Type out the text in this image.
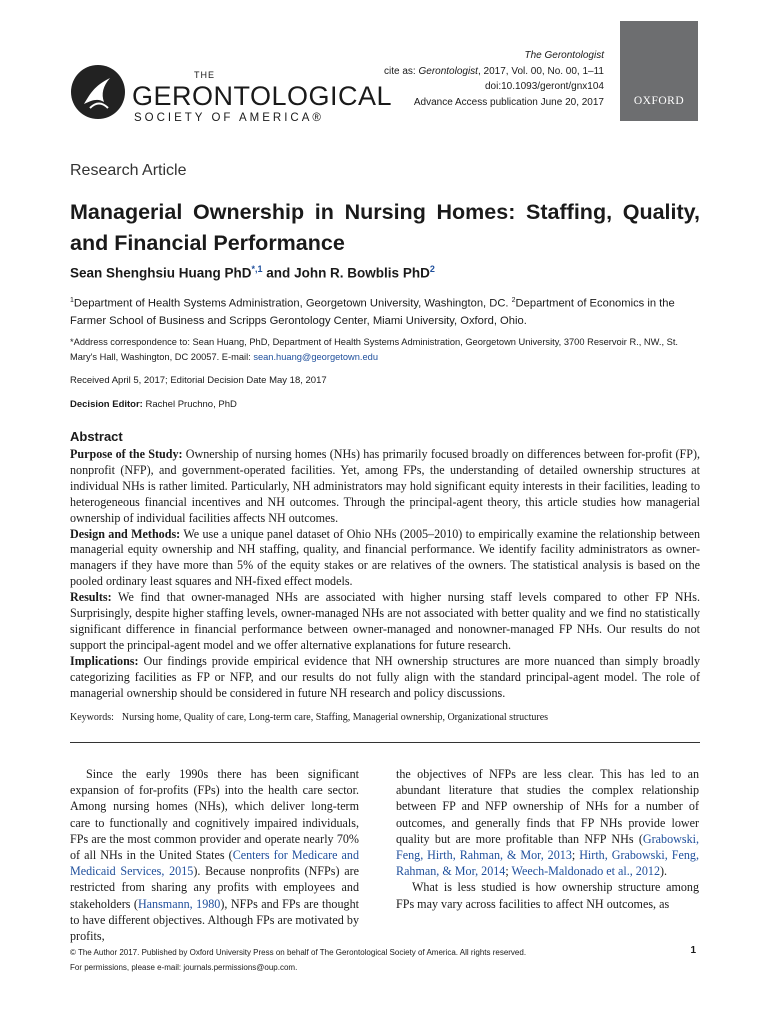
THE
GERONTOLOGICAL
SOCIETY OF AMERICA®
The Gerontologist
cite as: Gerontologist, 2017, Vol. 00, No. 00, 1–11
doi:10.1093/geront/gnx104
Advance Access publication June 20, 2017	OXFORD
Research Article
Managerial Ownership in Nursing Homes: Staffing, Quality, and Financial Performance
Sean Shenghsiu Huang PhD$^{*,1}$ and John R. Bowblis PhD$^2$
$^1$Department of Health Systems Administration, Georgetown University, Washington, DC. $^2$Department of Economics in the Farmer School of Business and Scripps Gerontology Center, Miami University, Oxford, Ohio.
*Address correspondence to: Sean Huang, PhD, Department of Health Systems Administration, Georgetown University, 3700 Reservoir R., NW., St. Mary's Hall, Washington, DC 20057. E-mail: sean.huang@georgetown.edu
Received April 5, 2017; Editorial Decision Date May 18, 2017
Decision Editor: Rachel Pruchno, PhD
Abstract

Purpose of the Study: Ownership of nursing homes (NHs) has primarily focused broadly on differences between for-profit (FP), nonprofit (NFP), and government-operated facilities. Yet, among FPs, the understanding of detailed ownership structures at individual NHs is rather limited. Particularly, NH administrators may hold significant equity interests in their facilities, leading to heterogeneous financial incentives and NH outcomes. Through the principal-agent theory, this article studies how managerial ownership of individual facilities affects NH outcomes.

Design and Methods: We use a unique panel dataset of Ohio NHs (2005–2010) to empirically examine the relationship between managerial equity ownership and NH staffing, quality, and financial performance. We identify facility administrators as owner-managers if they have more than 5% of the equity stakes or are relatives of the owners. The statistical analysis is based on the pooled ordinary least squares and NH-fixed effect models.

Results: We find that owner-managed NHs are associated with higher nursing staff levels compared to other FP NHs. Surprisingly, despite higher staffing levels, owner-managed NHs are not associated with better quality and we find no statistically significant difference in financial performance between owner-managed and nonowner-managed FP NHs. Our results do not support the principal-agent model and we offer alternative explanations for future research.

Implications: Our findings provide empirical evidence that NH ownership structures are more nuanced than simply broadly categorizing facilities as FP or NFP, and our results do not fully align with the standard principal-agent model. The role of managerial ownership should be considered in future NH research and policy discussions.

Keywords: Nursing home, Quality of care, Long-term care, Staffing, Managerial ownership, Organizational structures

Since the early 1990s there has been significant expansion of for-profits (FPs) into the health care sector. Among nursing homes (NHs), which deliver long-term care to functionally and cognitively impaired individuals, FPs are the most common provider and operate nearly 70% of all NHs in the United States (Centers for Medicare and Medicaid Services, 2015). Because nonprofits (NFPs) are restricted from sharing any profits with employees and stakeholders (Hansmann, 1980), NFPs and FPs are thought to have different objectives. Although FPs are motivated by profits,

the objectives of NFPs are less clear. This has led to an abundant literature that studies the complex relationship between FP and NFP ownership of NHs for a number of outcomes, and generally finds that FP NHs provide lower quality but are more profitable than NFP NHs (Grabowski, Feng, Hirth, Rahman, & Mor, 2013; Hirth, Grabowski, Feng, Rahman, & Mor, 2014; Weech-Maldonado et al., 2012).

What is less studied is how ownership structure among FPs may vary across facilities to affect NH outcomes, as

© The Author 2017. Published by Oxford University Press on behalf of The Gerontological Society of America. All rights reserved.
For permissions, please e-mail: journals.permissions@oup.com.
1
